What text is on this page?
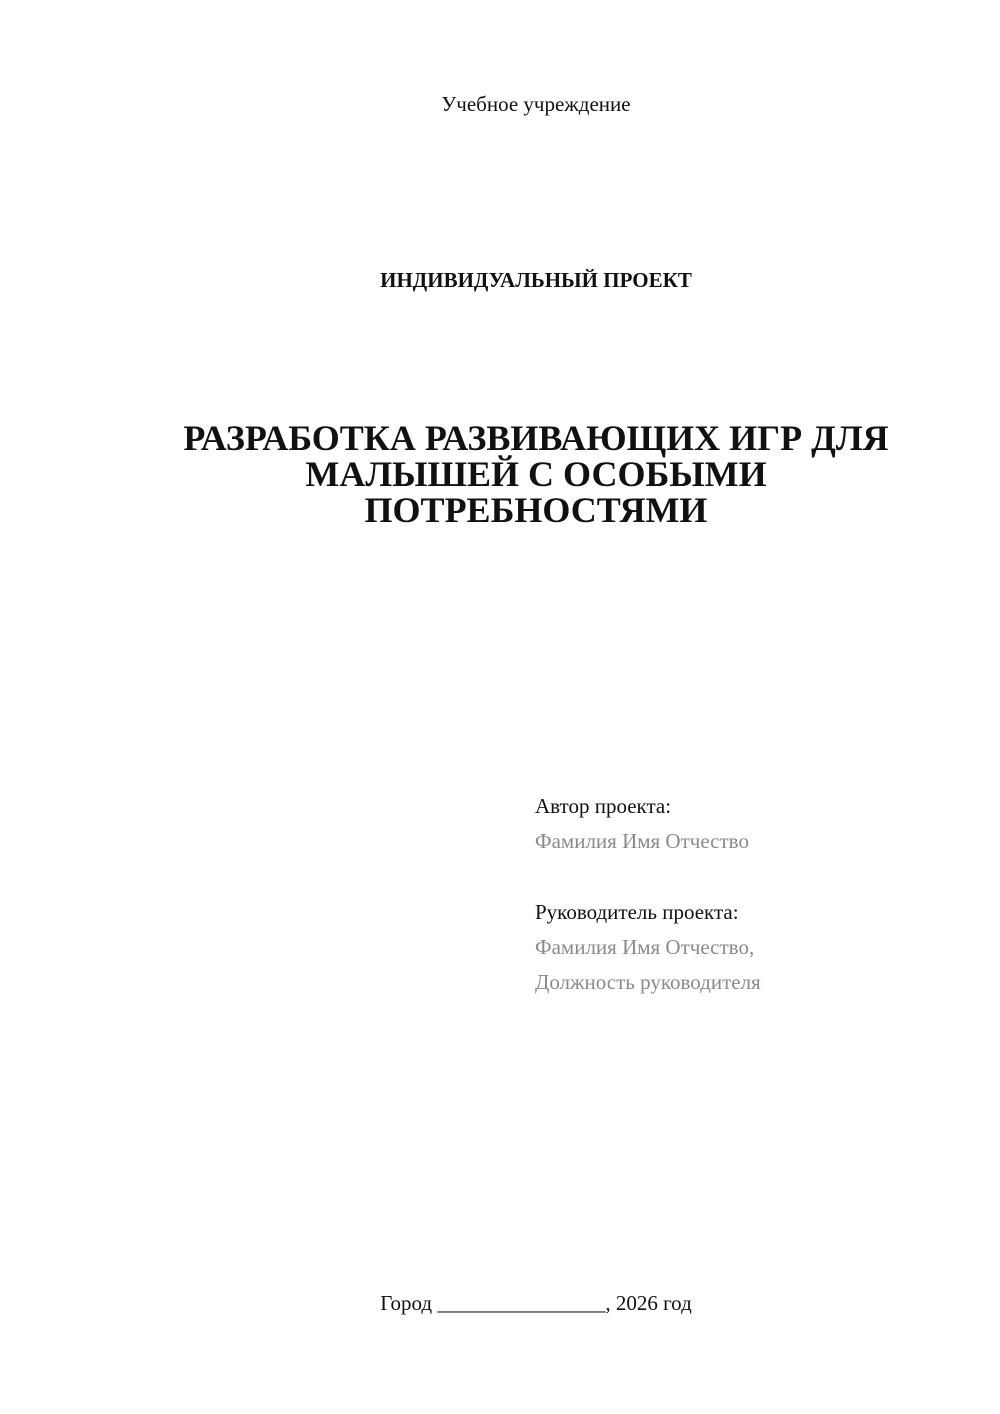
Учебное учреждение
ИНДИВИДУАЛЬНЫЙ ПРОЕКТ
РАЗРАБОТКА РАЗВИВАЮЩИХ ИГР ДЛЯ
МАЛЫШЕЙ С ОСОБЫМИ
ПОТРЕБНОСТЯМИ
Автор проекта:
Фамилия Имя Отчество
Руководитель проекта:
Фамилия Имя Отчество,
Должность руководителя
Город ________________, 2026 год
